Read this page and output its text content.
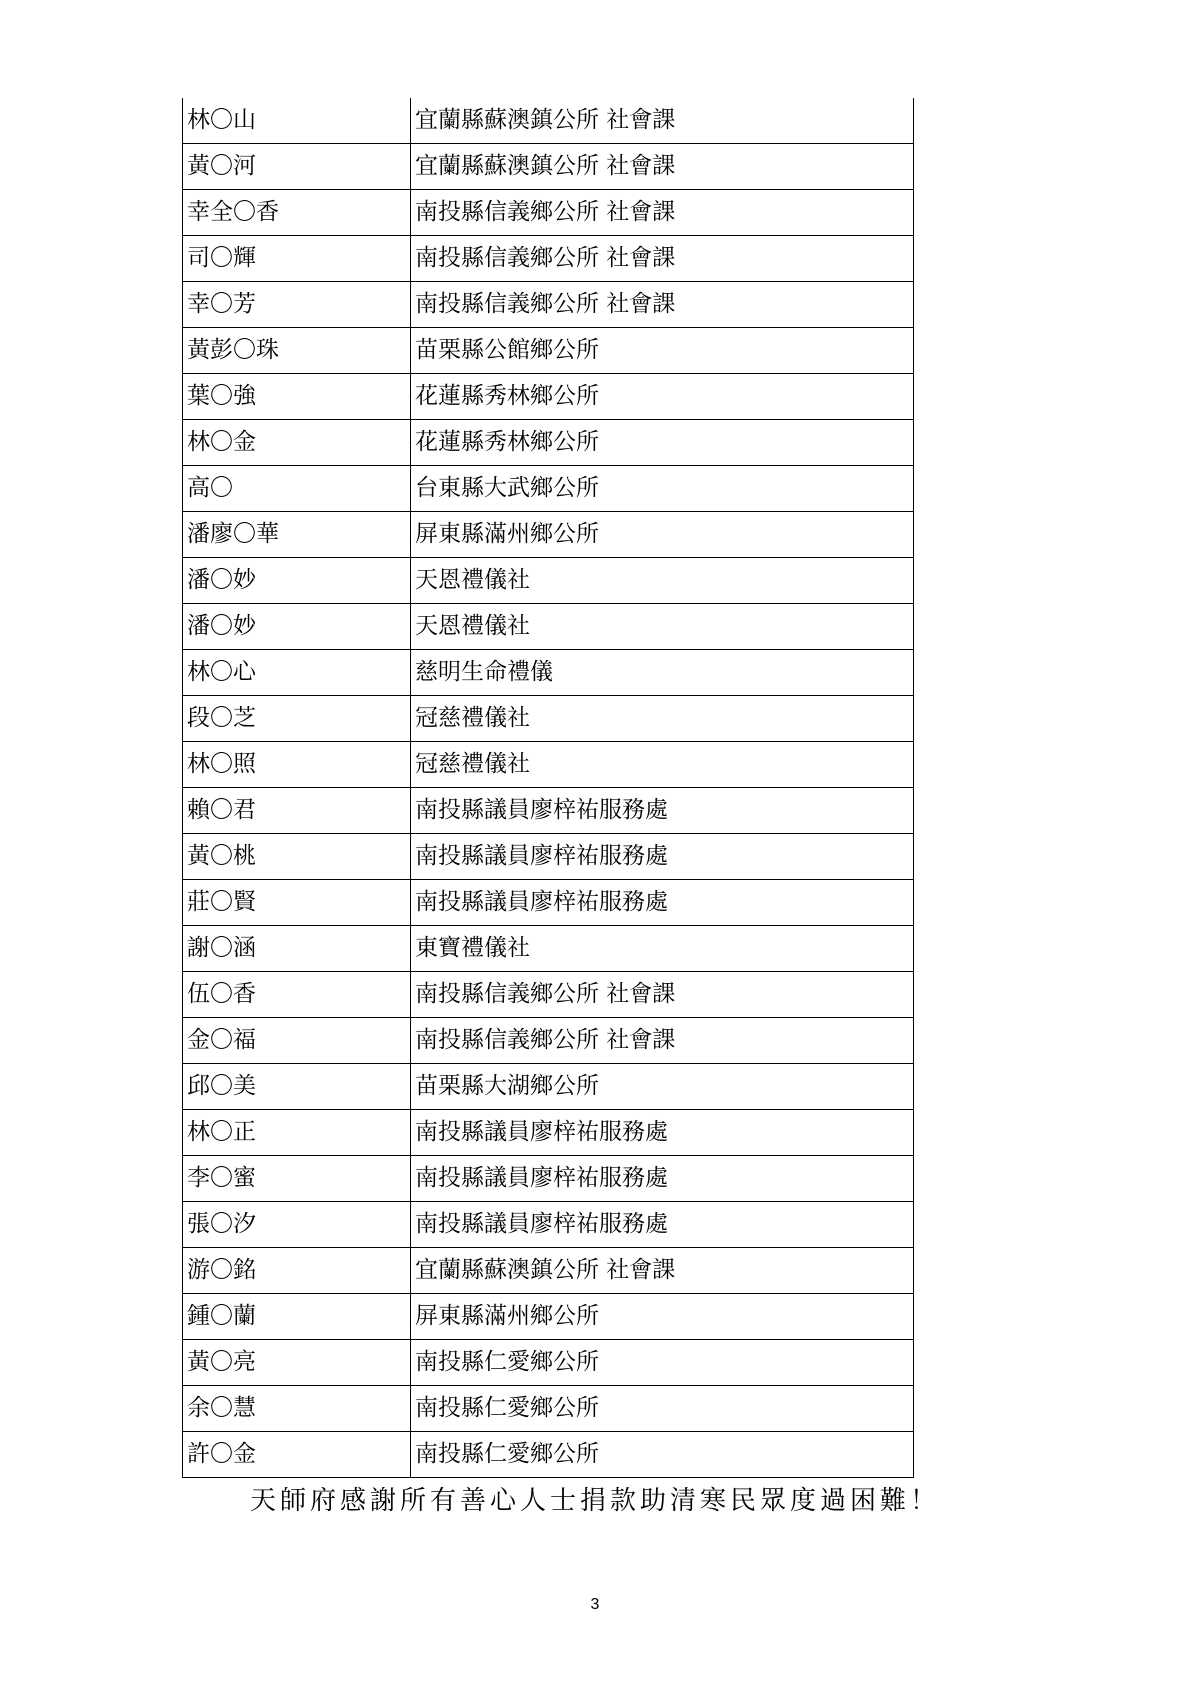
林〇山	宜蘭縣蘇澳鎮公所 社會課
黃〇河	宜蘭縣蘇澳鎮公所 社會課
幸全〇香	南投縣信義鄉公所 社會課
司〇輝	南投縣信義鄉公所 社會課
幸〇芳	南投縣信義鄉公所 社會課
黃彭〇珠	苗栗縣公館鄉公所
葉〇強	花蓮縣秀林鄉公所
林〇金	花蓮縣秀林鄉公所
高〇	台東縣大武鄉公所
潘廖〇華	屏東縣滿州鄉公所
潘〇妙	天恩禮儀社
潘〇妙	天恩禮儀社
林〇心	慈明生命禮儀
段〇芝	冠慈禮儀社
林〇照	冠慈禮儀社
賴〇君	南投縣議員廖梓祐服務處
黃〇桃	南投縣議員廖梓祐服務處
莊〇賢	南投縣議員廖梓祐服務處
謝〇涵	東寶禮儀社
伍〇香	南投縣信義鄉公所 社會課
金〇福	南投縣信義鄉公所 社會課
邱〇美	苗栗縣大湖鄉公所
林〇正	南投縣議員廖梓祐服務處
李〇蜜	南投縣議員廖梓祐服務處
張〇汐	南投縣議員廖梓祐服務處
游〇銘	宜蘭縣蘇澳鎮公所 社會課
鍾〇蘭	屏東縣滿州鄉公所
黃〇亮	南投縣仁愛鄉公所
余〇慧	南投縣仁愛鄉公所
許〇金	南投縣仁愛鄉公所
天師府感謝所有善心人士捐款助清寒民眾度過困難！
3
